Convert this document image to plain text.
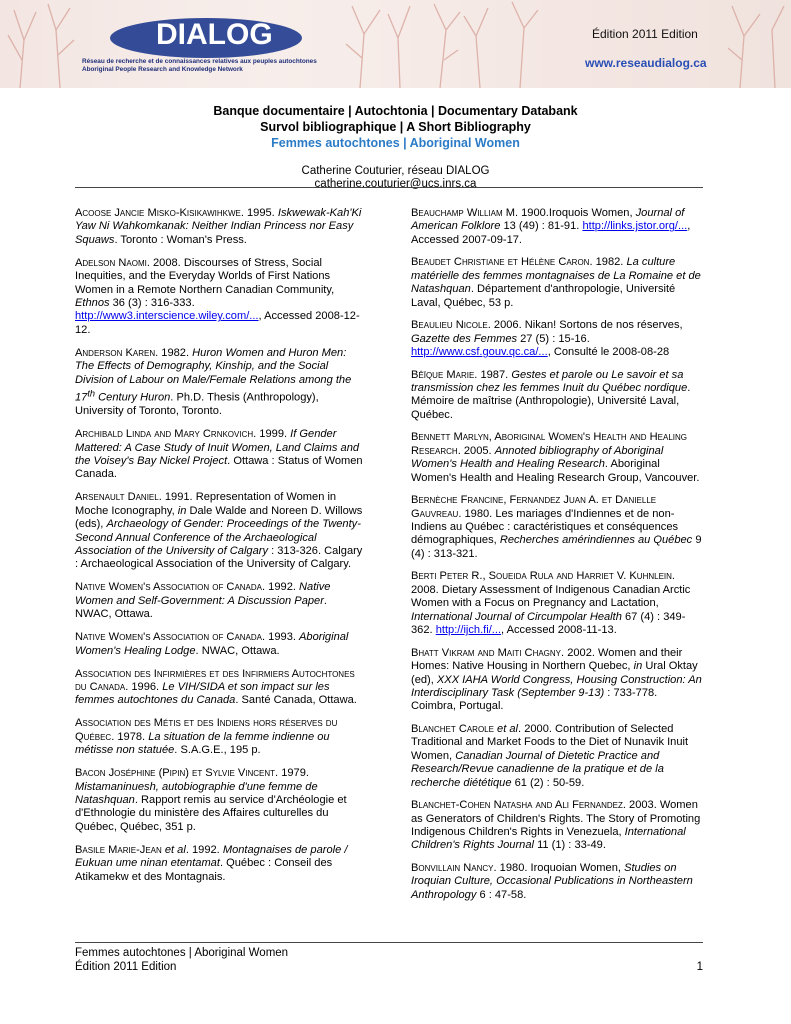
DIALOG
Réseau de recherche et de connaissances relatives aux peuples autochtones
Aboriginal People Research and Knowledge Network
Édition 2011 Edition
www.reseaudialog.ca
Banque documentaire | Autochtonia | Documentary Databank
Survol bibliographique | A Short Bibliography
Femmes autochtones | Aboriginal Women
Catherine Couturier, réseau DIALOG
catherine.couturier@ucs.inrs.ca

Acoose Jancie Misko-Kisikawihkwe. 1995. Iskwewak-Kah'Ki Yaw Ni Wahkomkanak: Neither Indian Princess nor Easy Squaws. Toronto : Woman's Press.

Adelson Naomi. 2008. Discourses of Stress, Social Inequities, and the Everyday Worlds of First Nations Women in a Remote Northern Canadian Community, Ethnos 36 (3) : 316-333. http://www3.interscience.wiley.com/..., Accessed 2008-12-12.

Anderson Karen. 1982. Huron Women and Huron Men: The Effects of Demography, Kinship, and the Social Division of Labour on Male/Female Relations among the 17th Century Huron. Ph.D. Thesis (Anthropology), University of Toronto, Toronto.

Archibald Linda and Mary Crnkovich. 1999. If Gender Mattered: A Case Study of Inuit Women, Land Claims and the Voisey's Bay Nickel Project. Ottawa : Status of Women Canada.

Arsenault Daniel. 1991. Representation of Women in Moche Iconography, in Dale Walde and Noreen D. Willows (eds), Archaeology of Gender: Proceedings of the Twenty-Second Annual Conference of the Archaeological Association of the University of Calgary : 313-326. Calgary : Archaeological Association of the University of Calgary.

Native Women's Association of Canada. 1992. Native Women and Self-Government: A Discussion Paper. NWAC, Ottawa.

Native Women's Association of Canada. 1993. Aboriginal Women's Healing Lodge. NWAC, Ottawa.

Association des Infirmières et des Infirmiers Autochtones du Canada. 1996. Le VIH/SIDA et son impact sur les femmes autochtones du Canada. Santé Canada, Ottawa.

Association des Métis et des Indiens hors réserves du Québec. 1978. La situation de la femme indienne ou métisse non statuée. S.A.G.E., 195 p.

Bacon Joséphine (Pipin) et Sylvie Vincent. 1979. Mistamaninuesh, autobiographie d'une femme de Natashquan. Rapport remis au service d'Archéologie et d'Ethnologie du ministère des Affaires culturelles du Québec, Québec, 351 p.

Basile Marie-Jean et al. 1992. Montagnaises de parole / Eukuan ume ninan etentamat. Québec : Conseil des Atikamekw et des Montagnais.

Beauchamp William M. 1900.Iroquois Women, Journal of American Folklore 13 (49) : 81-91. http://links.jstor.org/..., Accessed 2007-09-17.

Beaudet Christiane et Hélène Caron. 1982. La culture matérielle des femmes montagnaises de La Romaine et de Natashquan. Département d'anthropologie, Université Laval, Québec, 53 p.

Beaulieu Nicole. 2006. Nikan! Sortons de nos réserves, Gazette des Femmes 27 (5) : 15-16. http://www.csf.gouv.qc.ca/..., Consulté le 2008-08-28

Bêïque Marie. 1987. Gestes et parole ou Le savoir et sa transmission chez les femmes Inuit du Québec nordique. Mémoire de maîtrise (Anthropologie), Université Laval, Québec.

Bennett Marlyn, Aboriginal Women's Health and Healing Research. 2005. Annoted bibliography of Aboriginal Women's Health and Healing Research. Aboriginal Women's Health and Healing Research Group, Vancouver.

Bernèche Francine, Fernandez Juan A. et Danielle Gauvreau. 1980. Les mariages d'Indiennes et de non-Indiens au Québec : caractéristiques et conséquences démographiques, Recherches amérindiennes au Québec 9 (4) : 313-321.

Berti Peter R., Soueida Rula and Harriet V. Kuhnlein. 2008. Dietary Assessment of Indigenous Canadian Arctic Women with a Focus on Pregnancy and Lactation, International Journal of Circumpolar Health 67 (4) : 349-362. http://ijch.fi/..., Accessed 2008-11-13.

Bhatt Vikram and Maiti Chagny. 2002. Women and their Homes: Native Housing in Northern Quebec, in Ural Oktay (ed), XXX IAHA World Congress, Housing Construction: An Interdisciplinary Task (September 9-13) : 733-778. Coimbra, Portugal.

Blanchet Carole et al. 2000. Contribution of Selected Traditional and Market Foods to the Diet of Nunavik Inuit Women, Canadian Journal of Dietetic Practice and Research/Revue canadienne de la pratique et de la recherche diététique 61 (2) : 50-59.

Blanchet-Cohen Natasha and Ali Fernandez. 2003. Women as Generators of Children's Rights. The Story of Promoting Indigenous Children's Rights in Venezuela, International Children's Rights Journal 11 (1) : 33-49.

Bonvillain Nancy. 1980. Iroquoian Women, Studies on Iroquian Culture, Occasional Publications in Northeastern Anthropology 6 : 47-58.

Femmes autochtones | Aboriginal Women
Édition 2011 Edition	1
